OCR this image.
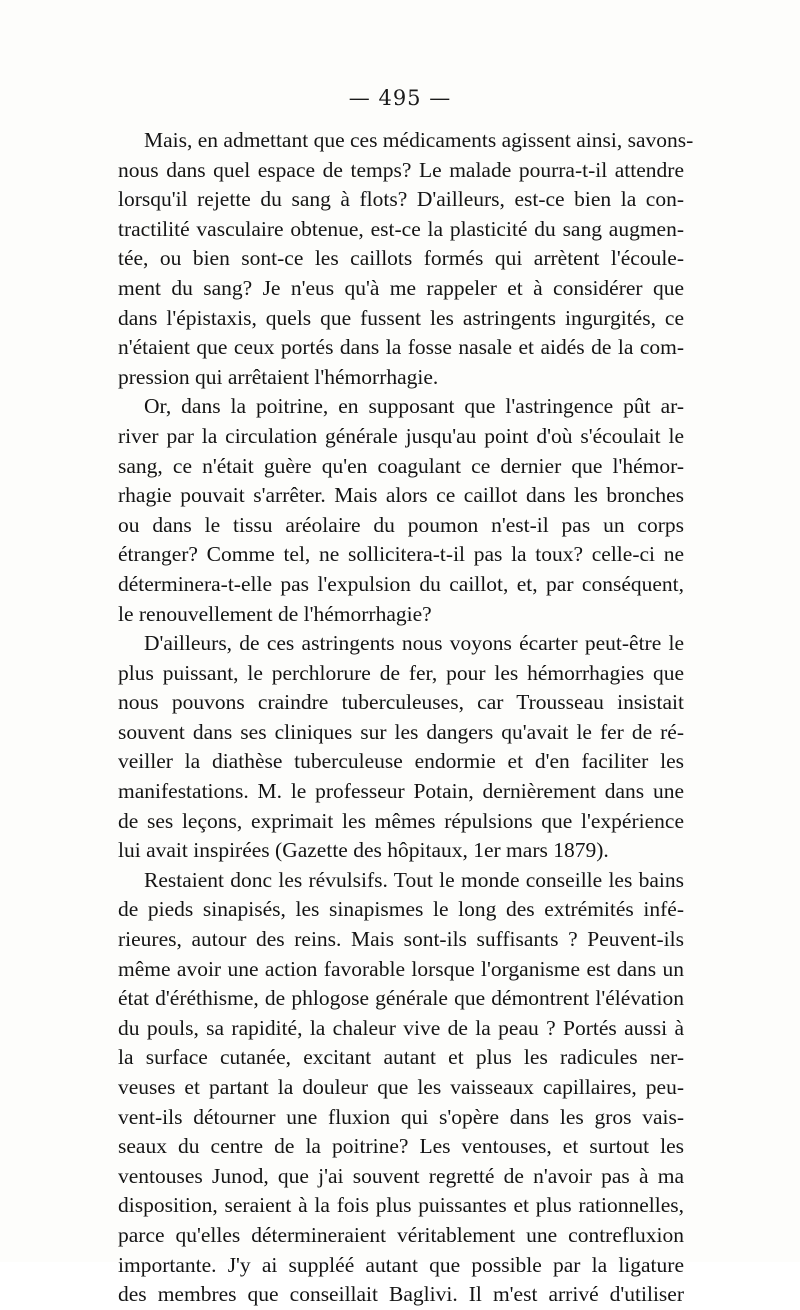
— 495 —
Mais, en admettant que ces médicaments agissent ainsi, savons-
nous dans quel espace de temps? Le malade pourra-t-il attendre
lorsqu'il rejette du sang à flots? D'ailleurs, est-ce bien la con-
tractilité vasculaire obtenue, est-ce la plasticité du sang augmen-
tée, ou bien sont-ce les caillots formés qui arrètent l'écoule-
ment du sang? Je n'eus qu'à me rappeler et à considérer que
dans l'épistaxis, quels que fussent les astringents ingurgités, ce
n'étaient que ceux portés dans la fosse nasale et aidés de la com-
pression qui arrêtaient l'hémorrhagie.
Or, dans la poitrine, en supposant que l'astringence pût ar-
river par la circulation générale jusqu'au point d'où s'écoulait le
sang, ce n'était guère qu'en coagulant ce dernier que l'hémor-
rhagie pouvait s'arrêter. Mais alors ce caillot dans les bronches
ou dans le tissu aréolaire du poumon n'est-il pas un corps
étranger? Comme tel, ne sollicitera-t-il pas la toux? celle-ci ne
déterminera-t-elle pas l'expulsion du caillot, et, par conséquent,
le renouvellement de l'hémorrhagie?
D'ailleurs, de ces astringents nous voyons écarter peut-être le
plus puissant, le perchlorure de fer, pour les hémorrhagies que
nous pouvons craindre tuberculeuses, car Trousseau insistait
souvent dans ses cliniques sur les dangers qu'avait le fer de ré-
veiller la diathèse tuberculeuse endormie et d'en faciliter les
manifestations. M. le professeur Potain, dernièrement dans une
de ses leçons, exprimait les mêmes répulsions que l'expérience
lui avait inspirées (Gazette des hôpitaux, 1er mars 1879).
Restaient donc les révulsifs. Tout le monde conseille les bains
de pieds sinapisés, les sinapismes le long des extrémités infé-
rieures, autour des reins. Mais sont-ils suffisants ? Peuvent-ils
même avoir une action favorable lorsque l'organisme est dans un
état d'éréthisme, de phlogose générale que démontrent l'élévation
du pouls, sa rapidité, la chaleur vive de la peau ? Portés aussi à
la surface cutanée, excitant autant et plus les radicules ner-
veuses et partant la douleur que les vaisseaux capillaires, peu-
vent-ils détourner une fluxion qui s'opère dans les gros vais-
seaux du centre de la poitrine? Les ventouses, et surtout les
ventouses Junod, que j'ai souvent regretté de n'avoir pas à ma
disposition, seraient à la fois plus puissantes et plus rationnelles,
parce qu'elles détermineraient véritablement une contrefluxion
importante. J'y ai suppléé autant que possible par la ligature
des membres que conseillait Baglivi. Il m'est arrivé d'utiliser
